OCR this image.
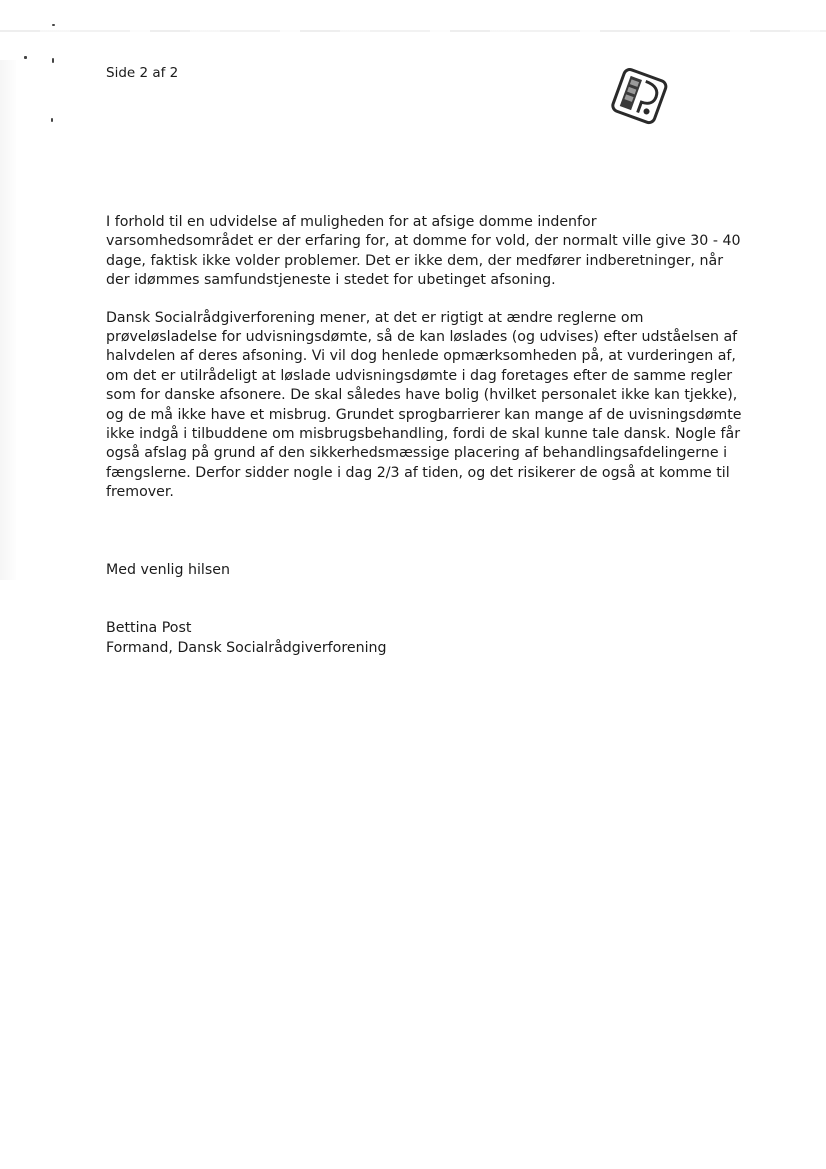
Side 2 af 2

I forhold til en udvidelse af muligheden for at afsige domme indenfor varsomhedsområdet er der erfaring for, at domme for vold, der normalt ville give 30 - 40 dage, faktisk ikke volder problemer. Det er ikke dem, der medfører indberetninger, når der idømmes samfundstjeneste i stedet for ubetinget afsoning.

Dansk Socialrådgiverforening mener, at det er rigtigt at ændre reglerne om prøveløsladelse for udvisningsdømte, så de kan løslades (og udvises) efter udståelsen af halvdelen af deres afsoning. Vi vil dog henlede opmærksomheden på, at vurderingen af, om det er utilrådeligt at løslade udvisningsdømte i dag foretages efter de samme regler som for danske afsonere. De skal således have bolig (hvilket personalet ikke kan tjekke), og de må ikke have et misbrug. Grundet sprogbarrierer kan mange af de uvisningsdømte ikke indgå i tilbuddene om misbrugsbehandling, fordi de skal kunne tale dansk. Nogle får også afslag på grund af den sikkerhedsmæssige placering af behandlingsafdelingerne i fængslerne. Derfor sidder nogle i dag 2/3 af tiden, og det risikerer de også at komme til fremover.

Med venlig hilsen
Bettina Post
Formand, Dansk Socialrådgiverforening
